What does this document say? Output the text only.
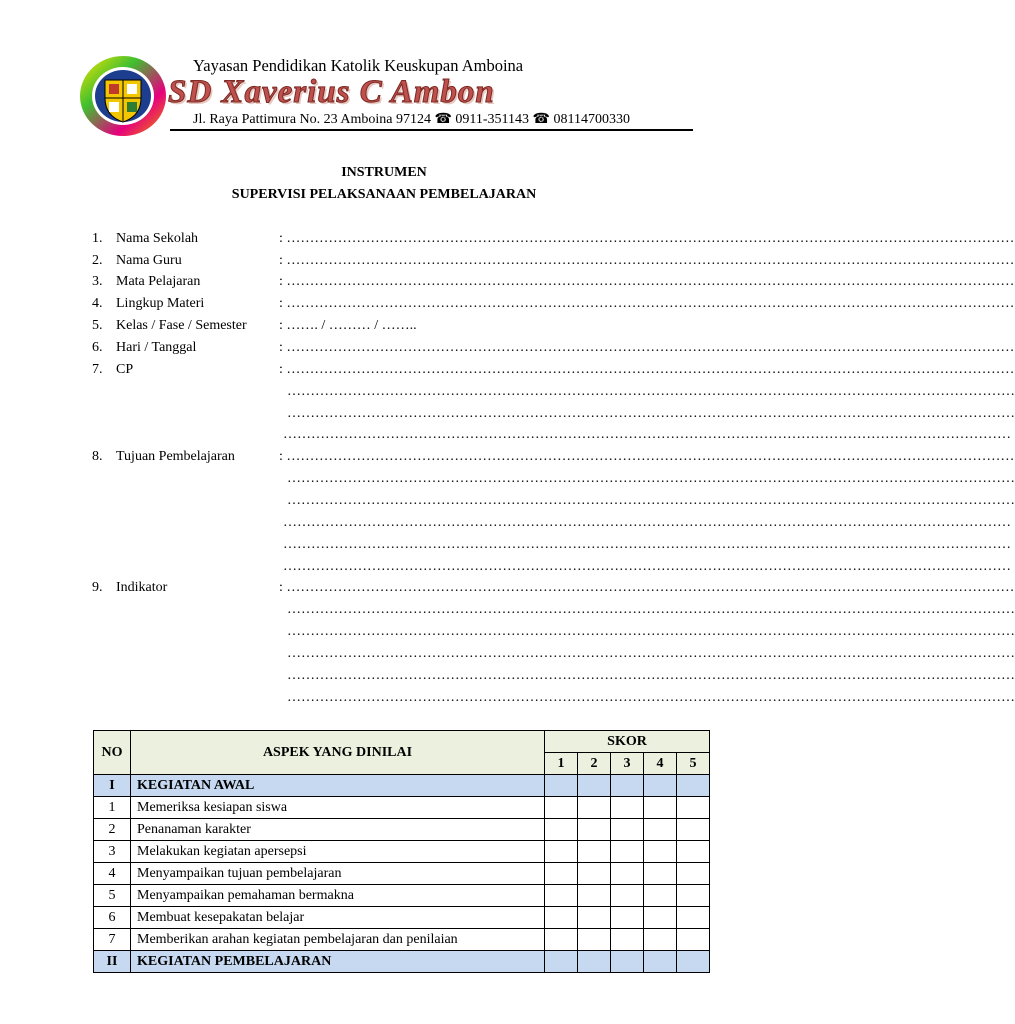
Yayasan Pendidikan Katolik Keuskupan Amboina
SD Xaverius C Ambon
Jl. Raya Pattimura No. 23 Amboina 97124 ☎ 0911-351143 ☎ 08114700330
INSTRUMEN
SUPERVISI PELAKSANAAN PEMBELAJARAN
1. Nama Sekolah	: …………………………………………………………………………………………………………………………………………
2. Nama Guru	: …………………………………………………………………………………………………………………………………………
3. Mata Pelajaran	: …………………………………………………………………………………………………………………………………………
4. Lingkup Materi	: …………………………………………………………………………………………………………………………………………
5. Kelas / Fase / Semester : ……. / ……… / ……..
6. Hari / Tanggal	: …………………………………………………………………………………………………………………………………………
7. CP	: …………………………………………………………………………………………………………………………………………
…………………………………………………………………………………………………………………………………………
…………………………………………………………………………………………………………………………………………
…………………………………………………………………………………………………………………………………………
8. Tujuan Pembelajaran	: …………………………………………………………………………………………………………………………………………
…………………………………………………………………………………………………………………………………………
…………………………………………………………………………………………………………………………………………
…………………………………………………………………………………………………………………………………………
…………………………………………………………………………………………………………………………………………
…………………………………………………………………………………………………………………………………………
9. Indikator	: …………………………………………………………………………………………………………………………………………
…………………………………………………………………………………………………………………………………………
…………………………………………………………………………………………………………………………………………
…………………………………………………………………………………………………………………………………………
…………………………………………………………………………………………………………………………………………
…………………………………………………………………………………………………………………………………………
NO	ASPEK YANG DINILAI	SKOR				
		1	2	3	4	5
I	KEGIATAN AWAL					
1	Memeriksa kesiapan siswa					
2	Penanaman karakter					
3	Melakukan kegiatan apersepsi					
4	Menyampaikan tujuan pembelajaran					
5	Menyampaikan pemahaman bermakna					
6	Membuat kesepakatan belajar					
7	Memberikan arahan kegiatan pembelajaran dan penilaian					
II	KEGIATAN PEMBELAJARAN					
